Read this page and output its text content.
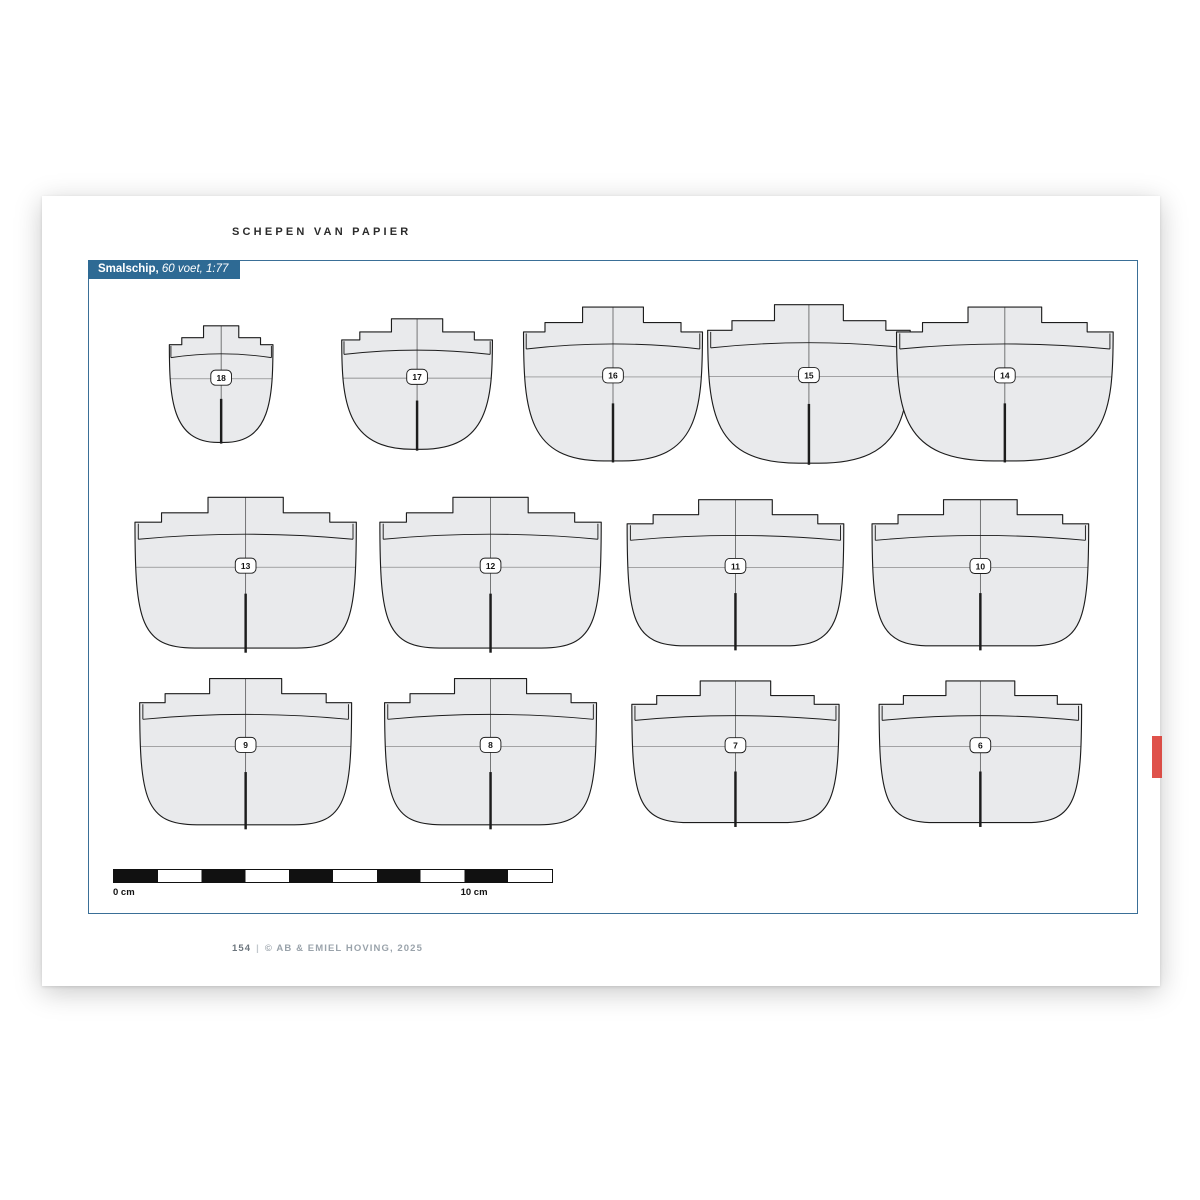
SCHEPEN VAN PAPIER
Smalschip, 60 voet, 1:77
18	17	16	15	14
13	12	11	10
9	8	7	6
0 cm	10 cm
154 | © AB & EMIEL HOVING, 2025
